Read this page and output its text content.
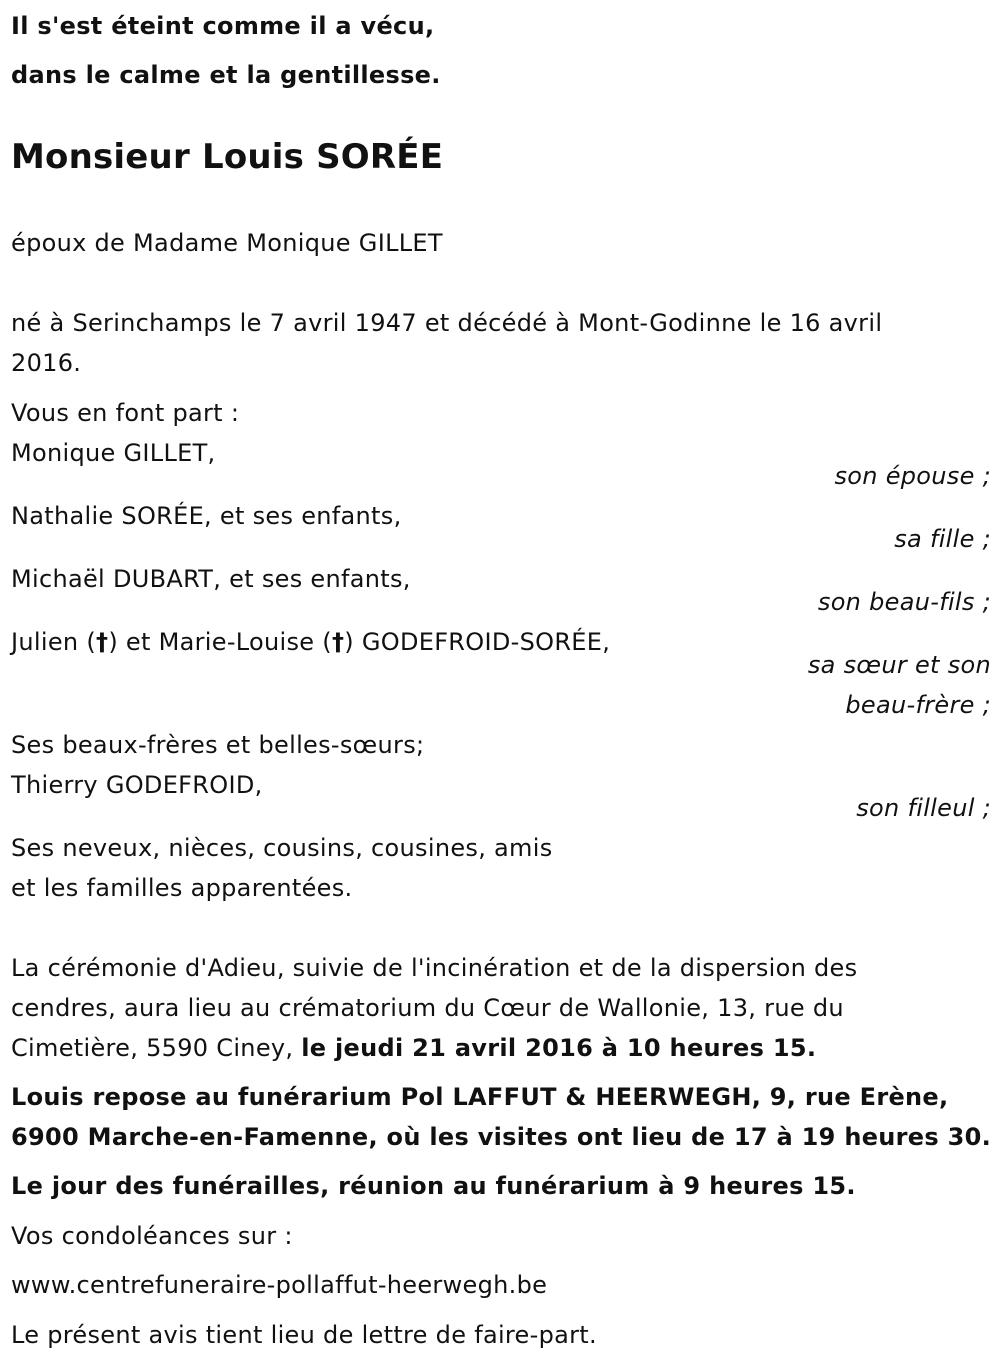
Il s'est éteint comme il a vécu,
dans le calme et la gentillesse.
Monsieur Louis SORÉE
époux de Madame Monique GILLET
né à Serinchamps le 7 avril 1947 et décédé à Mont-Godinne le 16 avril
2016.
Vous en font part :
Monique GILLET,
son épouse ;
Nathalie SORÉE, et ses enfants,
sa fille ;
Michaël DUBART, et ses enfants,
son beau-fils ;
Julien (†) et Marie-Louise (†) GODEFROID-SORÉE,
sa sœur et son
beau-frère ;
Ses beaux-frères et belles-sœurs;
Thierry GODEFROID,
son filleul ;
Ses neveux, nièces, cousins, cousines, amis
et les familles apparentées.
La cérémonie d'Adieu, suivie de l'incinération et de la dispersion des
cendres, aura lieu au crématorium du Cœur de Wallonie, 13, rue du
Cimetière, 5590 Ciney, le jeudi 21 avril 2016 à 10 heures 15.
Louis repose au funérarium Pol LAFFUT & HEERWEGH, 9, rue Erène,
6900 Marche-en-Famenne, où les visites ont lieu de 17 à 19 heures 30.
Le jour des funérailles, réunion au funérarium à 9 heures 15.
Vos condoléances sur :
www.centrefuneraire-pollaffut-heerwegh.be
Le présent avis tient lieu de lettre de faire-part.
